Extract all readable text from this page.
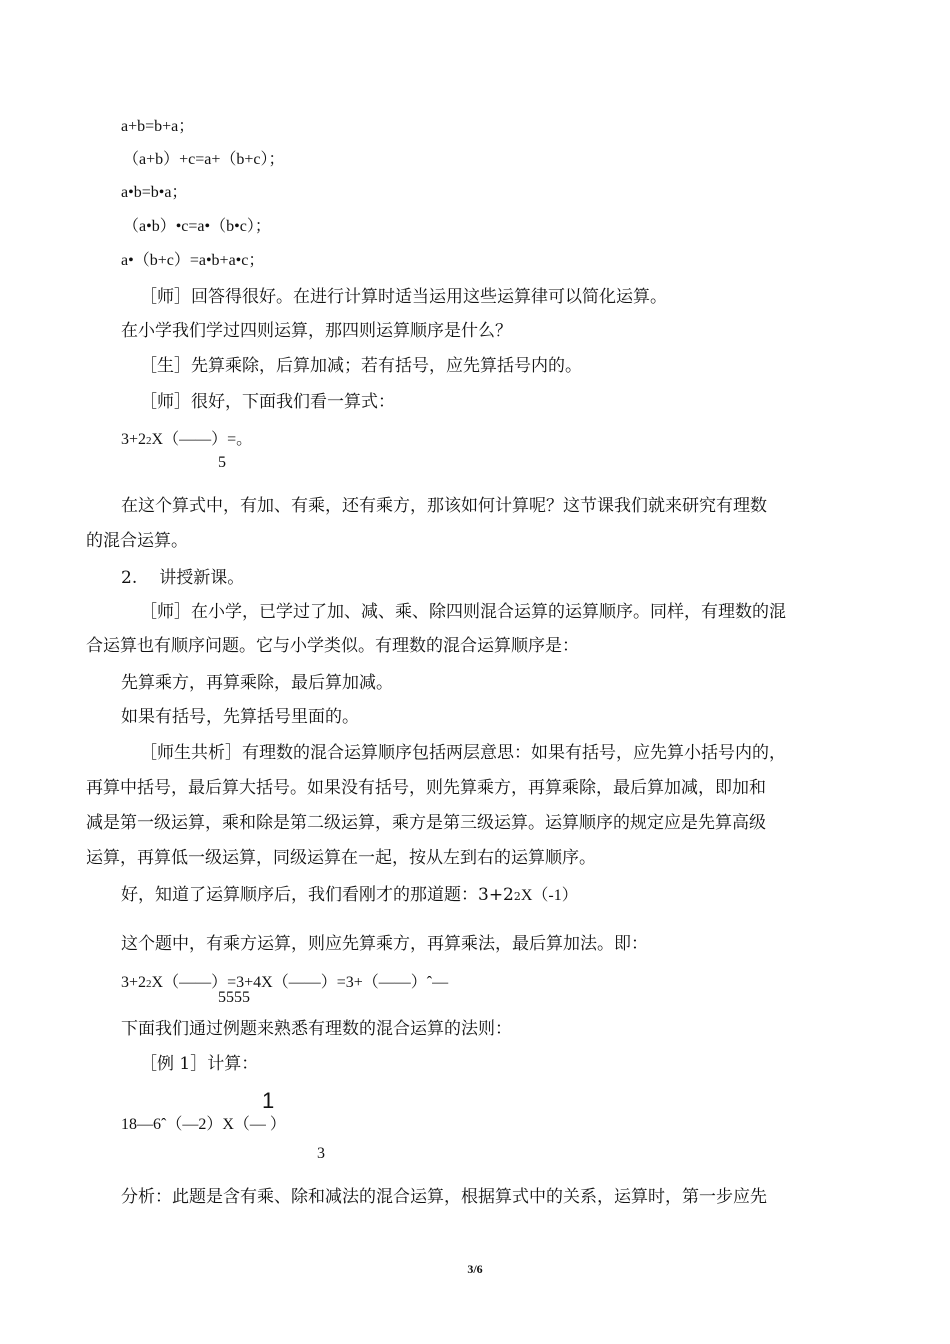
a+b=b+a；
（a+b）+c=a+（b+c）；
a•b=b•a；
（a•b）•c=a•（b•c）；
a•（b+c）=a•b+a•c；
［师］回答得很好。在进行计算时适当运用这些运算律可以简化运算。
在小学我们学过四则运算，那四则运算顺序是什么？
［生］先算乘除，后算加减；若有括号，应先算括号内的。
［师］很好，下面我们看一算式：
3+22X（——）=。
5
在这个算式中，有加、有乘，还有乘方，那该如何计算呢？这节课我们就来研究有理数
的混合运算。
2. 讲授新课。
［师］在小学，已学过了加、减、乘、除四则混合运算的运算顺序。同样，有理数的混
合运算也有顺序问题。它与小学类似。有理数的混合运算顺序是：
先算乘方，再算乘除，最后算加减。
如果有括号，先算括号里面的。
［师生共析］有理数的混合运算顺序包括两层意思：如果有括号，应先算小括号内的，
再算中括号，最后算大括号。如果没有括号，则先算乘方，再算乘除，最后算加减，即加和
减是第一级运算，乘和除是第二级运算，乘方是第三级运算。运算顺序的规定应是先算高级
运算，再算低一级运算，同级运算在一起，按从左到右的运算顺序。
好，知道了运算顺序后，我们看刚才的那道题：3+22X（-1）
这个题中，有乘方运算，则应先算乘方，再算乘法，最后算加法。即：
3+22X（——）=3+4X（——）=3+（——）ˆ—
5555
下面我们通过例题来熟悉有理数的混合运算的法则：
［例 1］计算：
1
18—6ˆ（—2）X（— ）
3
分析：此题是含有乘、除和减法的混合运算，根据算式中的关系，运算时，第一步应先
3/6
